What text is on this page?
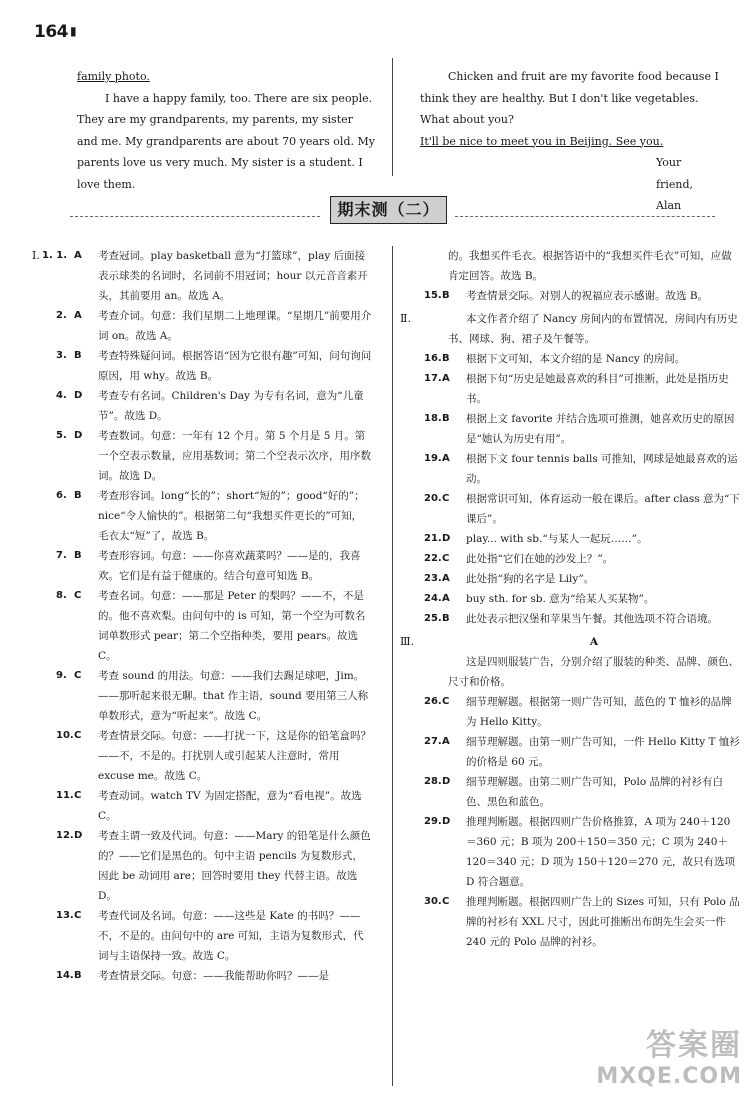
164 ▮

family photo.

I have a happy family, too. There are six people. They are my grandparents, my parents, my sister and me. My grandparents are about 70 years old. My parents love us very much. My sister is a student. I love them.

Chicken and fruit are my favorite food because I think they are healthy. But I don't like vegetables. What about you?

It'll be nice to meet you in Beijing. See you.

Your friend,

Alan

期末测（二）
Ⅰ. 1. 1. A	考查冠词。play basketball 意为“打篮球”，play 后面接表示球类的名词时，名词前不用冠词；hour 以元音音素开头，其前要用 an。故选 A。
2. A	考查介词。句意：我们星期二上地理课。“星期几”前要用介词 on。故选 A。
3. B	考查特殊疑问词。根据答语“因为它很有趣”可知，问句询问原因，用 why。故选 B。
4. D	考查专有名词。Children's Day 为专有名词，意为“儿童节”。故选 D。
5. D	考查数词。句意：一年有 12 个月。第 5 个月是 5 月。第一个空表示数量，应用基数词；第二个空表示次序，用序数词。故选 D。
6. B	考查形容词。long“长的”；short“短的”；good“好的”；nice“令人愉快的”。根据第二句“我想买件更长的”可知，毛衣太“短”了，故选 B。
7. B	考查形容词。句意：——你喜欢蔬菜吗？——是的，我喜欢。它们是有益于健康的。结合句意可知选 B。
8. C	考查名词。句意：——那是 Peter 的梨吗？——不，不是的。他不喜欢梨。由问句中的 is 可知，第一个空为可数名词单数形式 pear；第二个空指种类，要用 pears。故选 C。
9. C	考查 sound 的用法。句意：——我们去踢足球吧，Jim。——那听起来很无聊。that 作主语，sound 要用第三人称单数形式，意为“听起来”。故选 C。
10. C	考查情景交际。句意：——打扰一下，这是你的铅笔盒吗？——不，不是的。打扰别人或引起某人注意时，常用 excuse me。故选 C。
11. C	考查动词。watch TV 为固定搭配，意为“看电视”。故选 C。
12. D	考查主谓一致及代词。句意：——Mary 的铅笔是什么颜色的？——它们是黑色的。句中主语 pencils 为复数形式，因此 be 动词用 are；回答时要用 they 代替主语。故选 D。
13. C	考查代词及名词。句意：——这些是 Kate 的书吗？——不，不是的。由问句中的 are 可知，主语为复数形式，代词与主语保持一致。故选 C。
14. B	考查情景交际。句意：——我能帮助你吗？——是
的。我想买件毛衣。根据答语中的“我想买件毛衣”可知，应做肯定回答。故选 B。
15. B	考查情景交际。对别人的祝福应表示感谢。故选 B。
Ⅱ.	本文作者介绍了 Nancy 房间内的布置情况，房间内有历史书、网球、狗、裙子及午餐等。
16. B	根据下文可知，本文介绍的是 Nancy 的房间。
17. A	根据下句“历史是她最喜欢的科目”可推断，此处是指历史书。
18. B	根据上文 favorite 并结合选项可推测，她喜欢历史的原因是“她认为历史有用”。
19. A	根据下文 four tennis balls 可推知，网球是她最喜欢的运动。
20. C	根据常识可知，体育运动一般在课后。after class 意为“下课后”。
21. D	play... with sb.“与某人一起玩……”。
22. C	此处指“它们在她的沙发上？”。
23. A	此处指“狗的名字是 Lily”。
24. A	buy sth. for sb. 意为“给某人买某物”。
25. B	此处表示把汉堡和苹果当午餐。其他选项不符合语境。
Ⅲ.	A
这是四则服装广告，分别介绍了服装的种类、品牌、颜色、尺寸和价格。
26. C	细节理解题。根据第一则广告可知，蓝色的 T 恤衫的品牌为 Hello Kitty。
27. A	细节理解题。由第一则广告可知，一件 Hello Kitty T 恤衫的价格是 60 元。
28. D	细节理解题。由第二则广告可知，Polo 品牌的衬衫有白色、黑色和蓝色。
29. D	推理判断题。根据四则广告价格推算，A 项为 240＋120＝360 元；B 项为 200＋150＝350 元；C 项为 240＋120＝340 元；D 项为 150＋120＝270 元，故只有选项 D 符合题意。
30. C	推理判断题。根据四则广告上的 Sizes 可知，只有 Polo 品牌的衬衫有 XXL 尺寸，因此可推断出布朗先生会买一件 240 元的 Polo 品牌的衬衫。
答案圈
MXQE.COM
